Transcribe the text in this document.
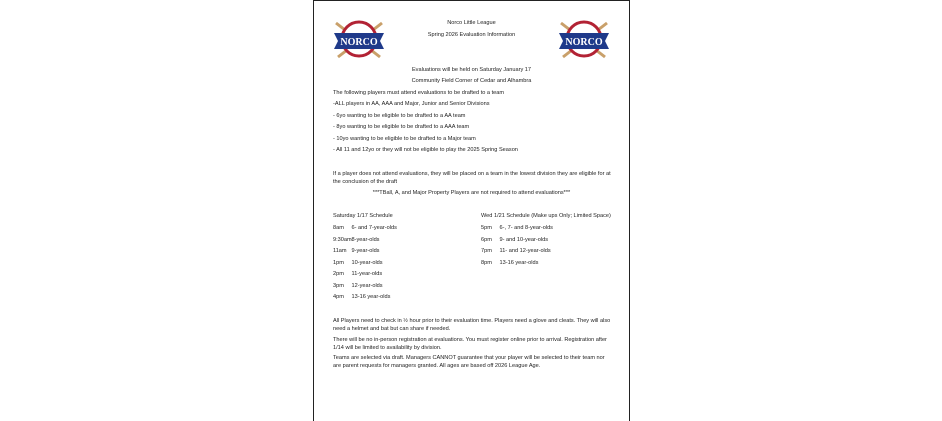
NORCO	NORCO
Norco Little League
Spring 2026 Evaluation Information
Evaluations will be held on Saturday January 17
Community Field Corner of Cedar and Alhambra
The following players must attend evaluations to be drafted to a team
-ALL players in AA, AAA and Major, Junior and Senior Divisions
- 6yo wanting to be eligible to be drafted to a AA team
- 8yo wanting to be eligible to be drafted to a AAA team
- 10yo wanting to be eligible to be drafted to a Major team
- All 11 and 12yo or they will not be eligible to play the 2025 Spring Season
If a player does not attend evaluations, they will be placed on a team in the lowest division they are eligible for at the conclusion of the draft
***TBall, A, and Major Property Players are not required to attend evaluations***
Saturday 1/17 Schedule
8am 6- and 7-year-olds
9:30am8-year-olds
11am 9-year-olds
1pm 10-year-olds
2pm 11-year-olds
3pm 12-year-olds
4pm 13-16 year-olds
Wed 1/21 Schedule (Make ups Only; Limited Space)
5pm 6-, 7- and 8-year-olds
6pm 9- and 10-year-olds
7pm 11- and 12-year-olds
8pm 13-16 year-olds
All Players need to check in ½ hour prior to their evaluation time. Players need a glove and cleats. They will also need a helmet and bat but can share if needed.
There will be no in-person registration at evaluations. You must register online prior to arrival. Registration after 1/14 will be limited to availability by division.
Teams are selected via draft. Managers CANNOT guarantee that your player will be selected to their team nor are parent requests for managers granted. All ages are based off 2026 League Age.
